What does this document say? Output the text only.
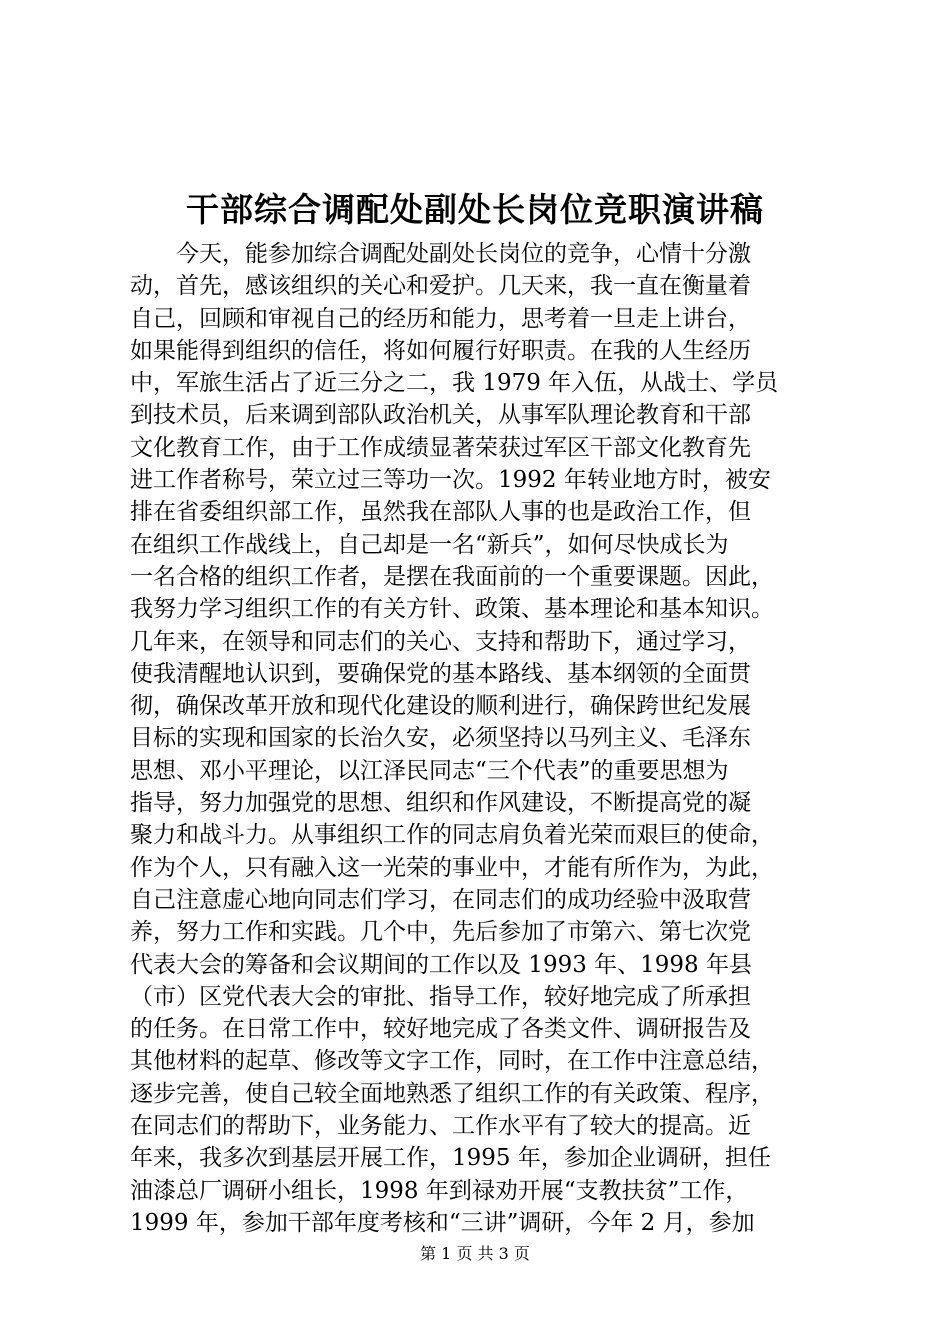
干部综合调配处副处长岗位竞职演讲稿
　　今天，能参加综合调配处副处长岗位的竞争，心情十分激
动，首先，感该组织的关心和爱护。几天来，我一直在衡量着
自己，回顾和审视自己的经历和能力，思考着一旦走上讲台，
如果能得到组织的信任，将如何履行好职责。在我的人生经历
中，军旅生活占了近三分之二，我 1979 年入伍，从战士、学员
到技术员，后来调到部队政治机关，从事军队理论教育和干部
文化教育工作，由于工作成绩显著荣获过军区干部文化教育先
进工作者称号，荣立过三等功一次。1992 年转业地方时，被安
排在省委组织部工作，虽然我在部队人事的也是政治工作，但
在组织工作战线上，自己却是一名“新兵”，如何尽快成长为
一名合格的组织工作者，是摆在我面前的一个重要课题。因此，
我努力学习组织工作的有关方针、政策、基本理论和基本知识。
几年来，在领导和同志们的关心、支持和帮助下，通过学习，
使我清醒地认识到，要确保党的基本路线、基本纲领的全面贯
彻，确保改革开放和现代化建设的顺利进行，确保跨世纪发展
目标的实现和国家的长治久安，必须坚持以马列主义、毛泽东
思想、邓小平理论，以江泽民同志“三个代表”的重要思想为
指导，努力加强党的思想、组织和作风建设，不断提高党的凝
聚力和战斗力。从事组织工作的同志肩负着光荣而艰巨的使命，
作为个人，只有融入这一光荣的事业中，才能有所作为，为此，
自己注意虚心地向同志们学习，在同志们的成功经验中汲取营
养，努力工作和实践。几个中，先后参加了市第六、第七次党
代表大会的筹备和会议期间的工作以及 1993 年、1998 年县
（市）区党代表大会的审批、指导工作，较好地完成了所承担
的任务。在日常工作中，较好地完成了各类文件、调研报告及
其他材料的起草、修改等文字工作，同时，在工作中注意总结，
逐步完善，使自己较全面地熟悉了组织工作的有关政策、程序，
在同志们的帮助下，业务能力、工作水平有了较大的提高。近
年来，我多次到基层开展工作，1995 年，参加企业调研，担任
油漆总厂调研小组长，1998 年到禄劝开展“支教扶贫”工作，
1999 年，参加干部年度考核和“三讲”调研，今年 2 月，参加
第 1 页 共 3 页
